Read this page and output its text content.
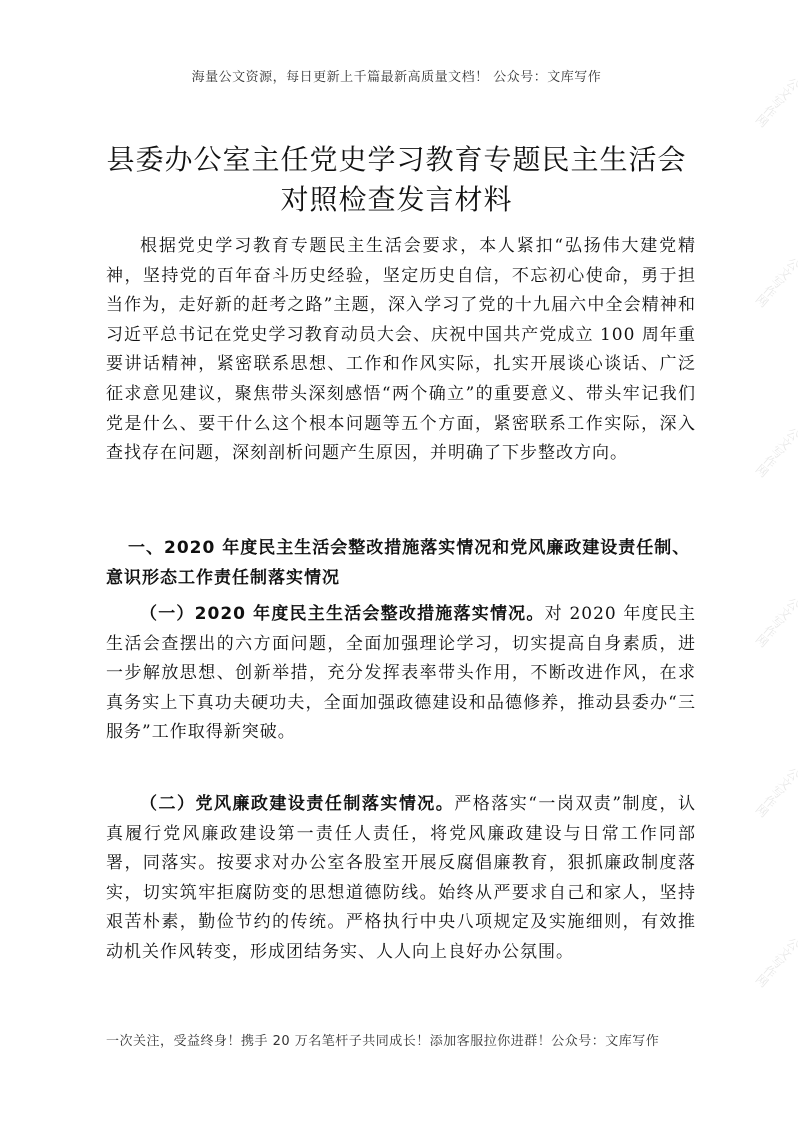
海量公文资源，每日更新上千篇最新高质量文档！ 公众号：文库写作
县委办公室主任党史学习教育专题民主生活会
对照检查发言材料
根据党史学习教育专题民主生活会要求，本人紧扣“弘扬伟大建党精神，坚持党的百年奋斗历史经验，坚定历史自信，不忘初心使命，勇于担当作为，走好新的赶考之路”主题，深入学习了党的十九届六中全会精神和习近平总书记在党史学习教育动员大会、庆祝中国共产党成立 100 周年重要讲话精神，紧密联系思想、工作和作风实际，扎实开展谈心谈话、广泛征求意见建议，聚焦带头深刻感悟“两个确立”的重要意义、带头牢记我们党是什么、要干什么这个根本问题等五个方面，紧密联系工作实际，深入查找存在问题，深刻剖析问题产生原因，并明确了下步整改方向。
一、2020 年度民主生活会整改措施落实情况和党风廉政建设责任制、意识形态工作责任制落实情况
（一）2020 年度民主生活会整改措施落实情况。对 2020 年度民主生活会查摆出的六方面问题，全面加强理论学习，切实提高自身素质，进一步解放思想、创新举措，充分发挥表率带头作用，不断改进作风，在求真务实上下真功夫硬功夫，全面加强政德建设和品德修养，推动县委办“三服务”工作取得新突破。
（二）党风廉政建设责任制落实情况。严格落实“一岗双责”制度，认真履行党风廉政建设第一责任人责任，将党风廉政建设与日常工作同部署，同落实。按要求对办公室各股室开展反腐倡廉教育，狠抓廉政制度落实，切实筑牢拒腐防变的思想道德防线。始终从严要求自己和家人，坚持艰苦朴素，勤俭节约的传统。严格执行中央八项规定及实施细则，有效推动机关作风转变，形成团结务实、人人向上良好办公氛围。
一次关注，受益终身！携手 20 万名笔杆子共同成长！添加客服拉你进群！公众号：文库写作
公文写作网
公文写作网
公文写作网
公文写作网
公文写作网
公文写作网
